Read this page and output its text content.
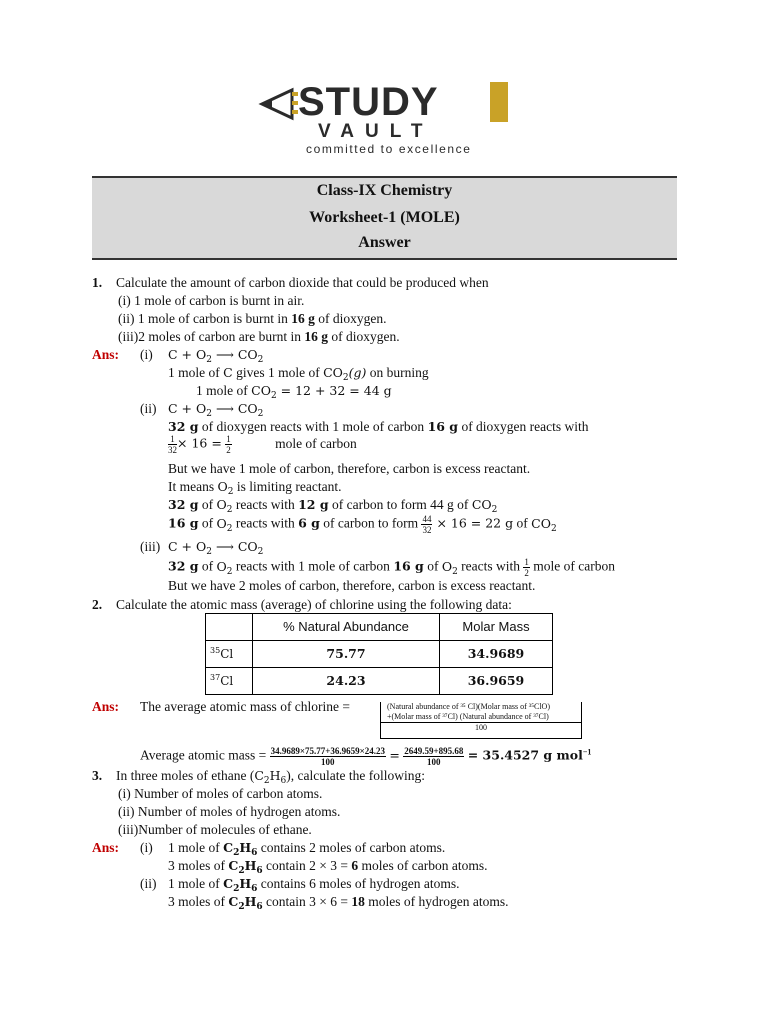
STUDY
VAULT
committed to excellence
Class-IX Chemistry
Worksheet-1 (MOLE)
Answer
1. Calculate the amount of carbon dioxide that could be produced when
(i) 1 mole of carbon is burnt in air.
(ii) 1 mole of carbon is burnt in 16 g of dioxygen.
(iii)2 moles of carbon are burnt in 16 g of dioxygen.
Ans: (i) $C + O_2$ ⟶ $CO_2$
1 mole of C gives 1 mole of $CO_2(g)$ on burning
1 mole of $CO_2 = 12 + 32 = 44$ g
(ii) $C + O_2$ ⟶ $CO_2$
32 g of dioxygen reacts with 1 mole of carbon 16 g of dioxygen reacts with
$\frac{1}{32} \times 16 = \frac{1}{2}$	mole of carbon
But we have 1 mole of carbon, therefore, carbon is excess reactant.
It means $O_2$ is limiting reactant.
32 g of $O_2$ reacts with 12 g of carbon to form 44 g of $CO_2$
16 g of $O_2$ reacts with 6 g of carbon to form $\frac{44}{32} \times 16 = 22$ g of $CO_2$
(iii) $C + O_2$ ⟶ $CO_2$
32 g of $O_2$ reacts with 1 mole of carbon 16 g of $O_2$ reacts with $\frac{1}{2}$ mole of carbon
But we have 2 moles of carbon, therefore, carbon is excess reactant.
2. Calculate the atomic mass (average) of chlorine using the following data:
	% Natural Abundance	Molar Mass
$^{35}$Cl	75.77	34.9689
$^{37}$Cl	24.23	36.9659
Ans: The average atomic mass of chlorine =	(Natural abundance of ³⁵ Cl)(Molar mass of ³⁵ClO)
+(Molar mass of ³⁷Cl) (Natural abundance of ³⁷Cl)
100
Average atomic mass = $\frac{34.9689\times 75.77+36.9659\times 24.23}{100} = \frac{2649.59+895.68}{100} = 35.4527$ g mol$^{-1}$
3. In three moles of ethane $(C_2H_6)$, calculate the following:
(i) Number of moles of carbon atoms.
(ii) Number of moles of hydrogen atoms.
(iii)Number of molecules of ethane.
Ans: (i) 1 mole of $C_2H_6$ contains 2 moles of carbon atoms.
3 moles of $C_2H_6$ contain 2 × 3 = 6 moles of carbon atoms.
(ii) 1 mole of $C_2H_6$ contains 6 moles of hydrogen atoms.
3 moles of $C_2H_6$ contain 3 × 6 = 18 moles of hydrogen atoms.
